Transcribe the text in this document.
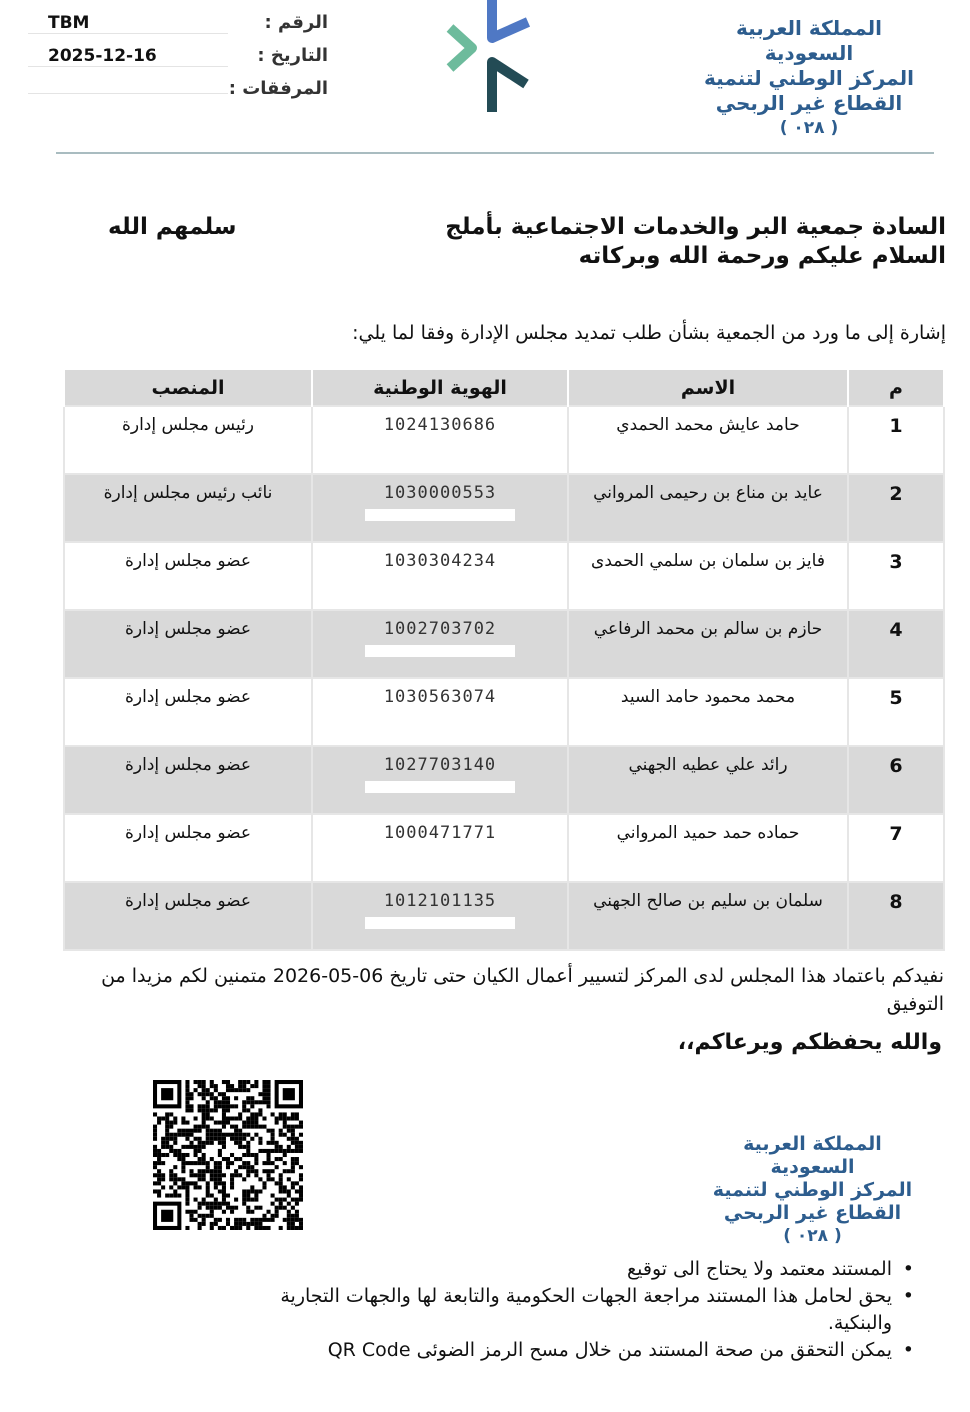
المملكة العربية السعودية
المركز الوطني لتنمية
القطاع غير الربحي
( ٠٢٨ )
الرقم :
TBM
التاريخ :
2025-12-16
المرفقات :
السادة جمعية البر والخدمات الاجتماعية بأملج
سلمهم الله
السلام عليكم ورحمة الله وبركاته
إشارة إلى ما ورد من الجمعية بشأن طلب تمديد مجلس الإدارة وفقا لما يلي:
م	الاسم	الهوية الوطنية	المنصب
1	حامد عايش محمد الحمدي	1024130686	رئيس مجلس إدارة
2	عايد بن مناع بن رحيمى المرواني	1030000553	نائب رئيس مجلس إدارة
3	فايز بن سلمان بن سلمي الحمدى	1030304234	عضو مجلس إدارة
4	حازم بن سالم بن محمد الرفاعي	1002703702	عضو مجلس إدارة
5	محمد محمود حامد السيد	1030563074	عضو مجلس إدارة
6	رائد علي عطيه الجهني	1027703140	عضو مجلس إدارة
7	حماده حمد حميد المرواني	1000471771	عضو مجلس إدارة
8	سلمان بن سليم بن صالح الجهني	1012101135	عضو مجلس إدارة
نفيدكم باعتماد هذا المجلس لدى المركز لتسيير أعمال الكيان حتى تاريخ 06-05-2026 متمنين لكم مزيدا من التوفيق
والله يحفظكم ويرعاكم،،
المملكة العربية السعودية
المركز الوطني لتنمية
القطاع غير الربحي
( ٠٢٨ )
• المستند معتمد ولا يحتاج الى توقيع
• يحق لحامل هذا المستند مراجعة الجهات الحكومية والتابعة لها والجهات التجارية والبنكية.
• يمكن التحقق من صحة المستند من خلال مسح الرمز الضوئى QR Code
